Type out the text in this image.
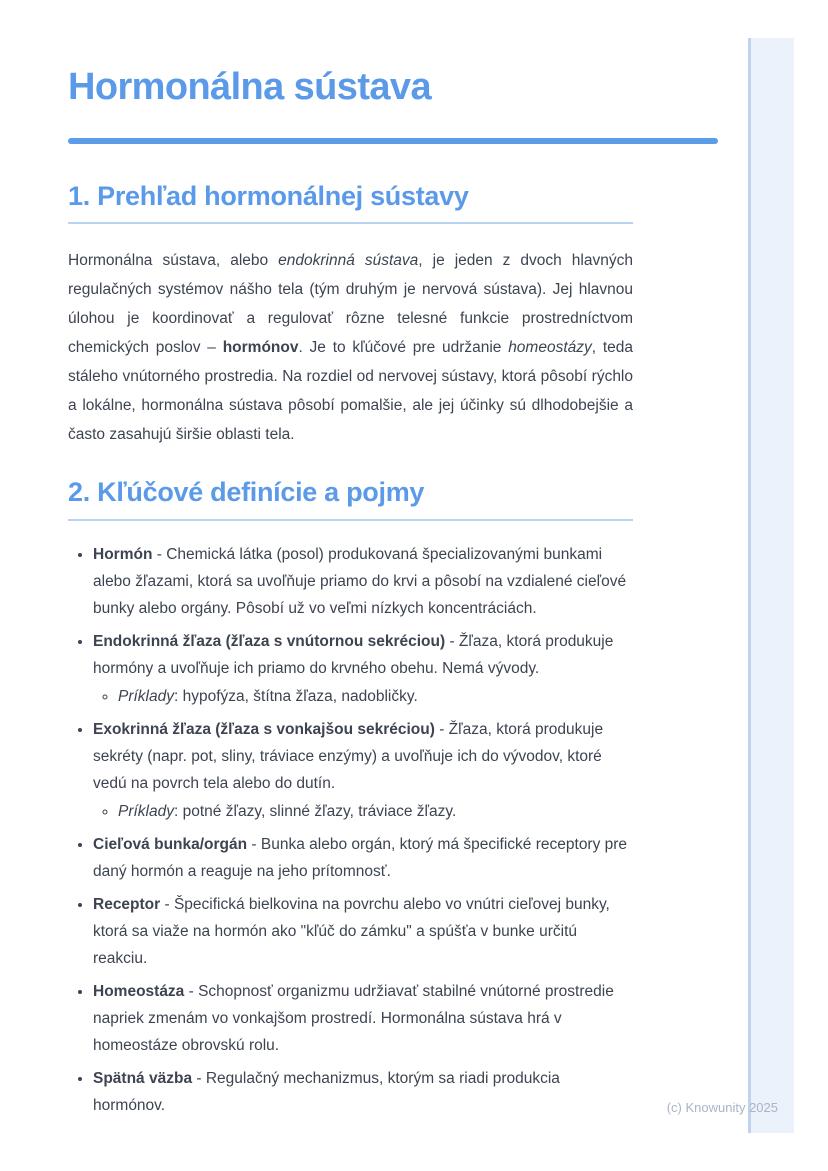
Hormonálna sústava
1. Prehľad hormonálnej sústavy

Hormonálna sústava, alebo endokrinná sústava, je jeden z dvoch hlavných regulačných systémov nášho tela (tým druhým je nervová sústava). Jej hlavnou úlohou je koordinovať a regulovať rôzne telesné funkcie prostredníctvom chemických poslov – hormónov. Je to kľúčové pre udržanie homeostázy, teda stáleho vnútorného prostredia. Na rozdiel od nervovej sústavy, ktorá pôsobí rýchlo a lokálne, hormonálna sústava pôsobí pomalšie, ale jej účinky sú dlhodobejšie a často zasahujú širšie oblasti tela.

2. Kľúčové definície a pojmy
• Hormón - Chemická látka (posol) produkovaná špecializovanými bunkami alebo žľazami, ktorá sa uvoľňuje priamo do krvi a pôsobí na vzdialené cieľové bunky alebo orgány. Pôsobí už vo veľmi nízkych koncentráciách.
• Endokrinná žľaza (žľaza s vnútornou sekréciou) - Žľaza, ktorá produkuje hormóny a uvoľňuje ich priamo do krvného obehu. Nemá vývody.
◦ Príklady: hypofýza, štítna žľaza, nadobličky.
• Exokrinná žľaza (žľaza s vonkajšou sekréciou) - Žľaza, ktorá produkuje sekréty (napr. pot, sliny, tráviace enzýmy) a uvoľňuje ich do vývodov, ktoré vedú na povrch tela alebo do dutín.
◦ Príklady: potné žľazy, slinné žľazy, tráviace žľazy.
• Cieľová bunka/orgán - Bunka alebo orgán, ktorý má špecifické receptory pre daný hormón a reaguje na jeho prítomnosť.
• Receptor - Špecifická bielkovina na povrchu alebo vo vnútri cieľovej bunky, ktorá sa viaže na hormón ako "kľúč do zámku" a spúšťa v bunke určitú reakciu.
• Homeostáza - Schopnosť organizmu udržiavať stabilné vnútorné prostredie napriek zmenám vo vonkajšom prostredí. Hormonálna sústava hrá v homeostáze obrovskú rolu.
• Spätná väzba - Regulačný mechanizmus, ktorým sa riadi produkcia hormónov.	(c) Knowunity 2025
